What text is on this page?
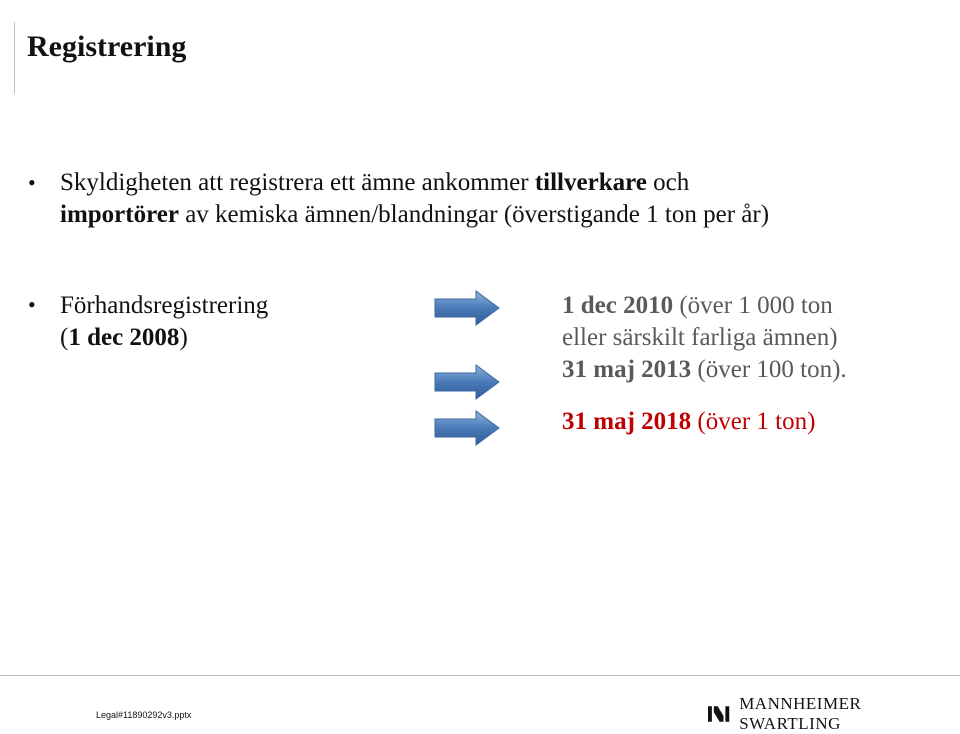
Registrering
• Skyldigheten att registrera ett ämne ankommer tillverkare och
importörer av kemiska ämnen/blandningar (överstigande 1 ton per år)
• Förhandsregistrering
(1 dec 2008)
1 dec 2010 (över 1 000 ton
eller särskilt farliga ämnen)
31 maj 2013 (över 100 ton).
31 maj 2018 (över 1 ton)
Legal#11890292v3.pptx
MANNHEIMER SWARTLING
